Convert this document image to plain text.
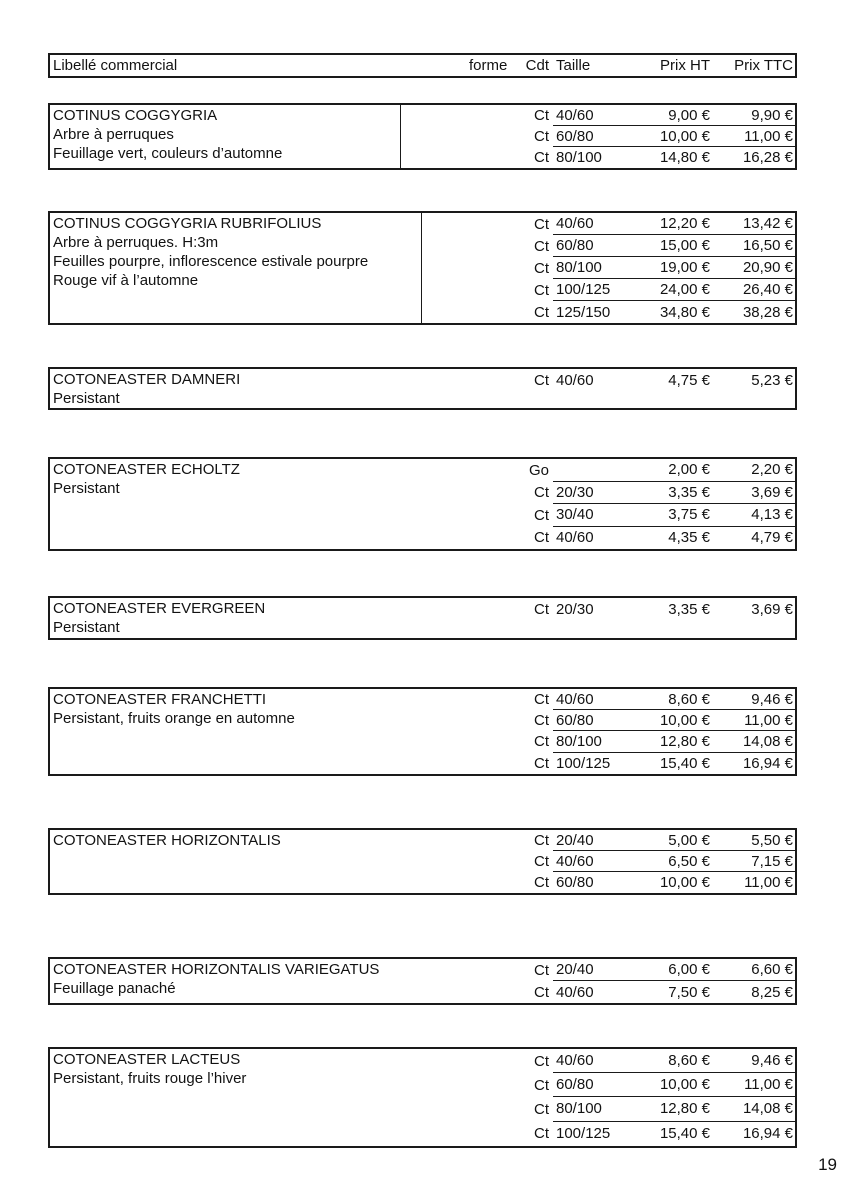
Libellé commercial	forme	Cdt Taille	Prix HT	Prix TTC
COTINUS COGGYGRIA
Arbre à perruques
Feuillage vert, couleurs d’automne
Ct 40/60	9,00 €	9,90 €
Ct 60/80	10,00 €	11,00 €
Ct 80/100	14,80 €	16,28 €
COTINUS COGGYGRIA RUBRIFOLIUS
Arbre à perruques. H:3m
Feuilles pourpre, inflorescence estivale pourpre
Rouge vif à l’automne
Ct 40/60	12,20 €	13,42 €
Ct 60/80	15,00 €	16,50 €
Ct 80/100	19,00 €	20,90 €
Ct 100/125	24,00 €	26,40 €
Ct 125/150	34,80 €	38,28 €
COTONEASTER DAMNERI
Persistant
Ct 40/60	4,75 €	5,23 €
COTONEASTER ECHOLTZ
Persistant
Go	2,00 €	2,20 €
Ct 20/30	3,35 €	3,69 €
Ct 30/40	3,75 €	4,13 €
Ct 40/60	4,35 €	4,79 €
COTONEASTER EVERGREEN
Persistant
Ct 20/30	3,35 €	3,69 €
COTONEASTER FRANCHETTI
Persistant, fruits orange en automne
Ct 40/60	8,60 €	9,46 €
Ct 60/80	10,00 €	11,00 €
Ct 80/100	12,80 €	14,08 €
Ct 100/125	15,40 €	16,94 €
COTONEASTER HORIZONTALIS	Ct 20/40	5,00 €	5,50 €
Ct 40/60	6,50 €	7,15 €
Ct 60/80	10,00 €	11,00 €
COTONEASTER HORIZONTALIS VARIEGATUS
Feuillage panaché
Ct 20/40	6,00 €	6,60 €
Ct 40/60	7,50 €	8,25 €
COTONEASTER LACTEUS
Persistant, fruits rouge l’hiver
Ct 40/60	8,60 €	9,46 €
Ct 60/80	10,00 €	11,00 €
Ct 80/100	12,80 €	14,08 €
Ct 100/125	15,40 €	16,94 €
19
